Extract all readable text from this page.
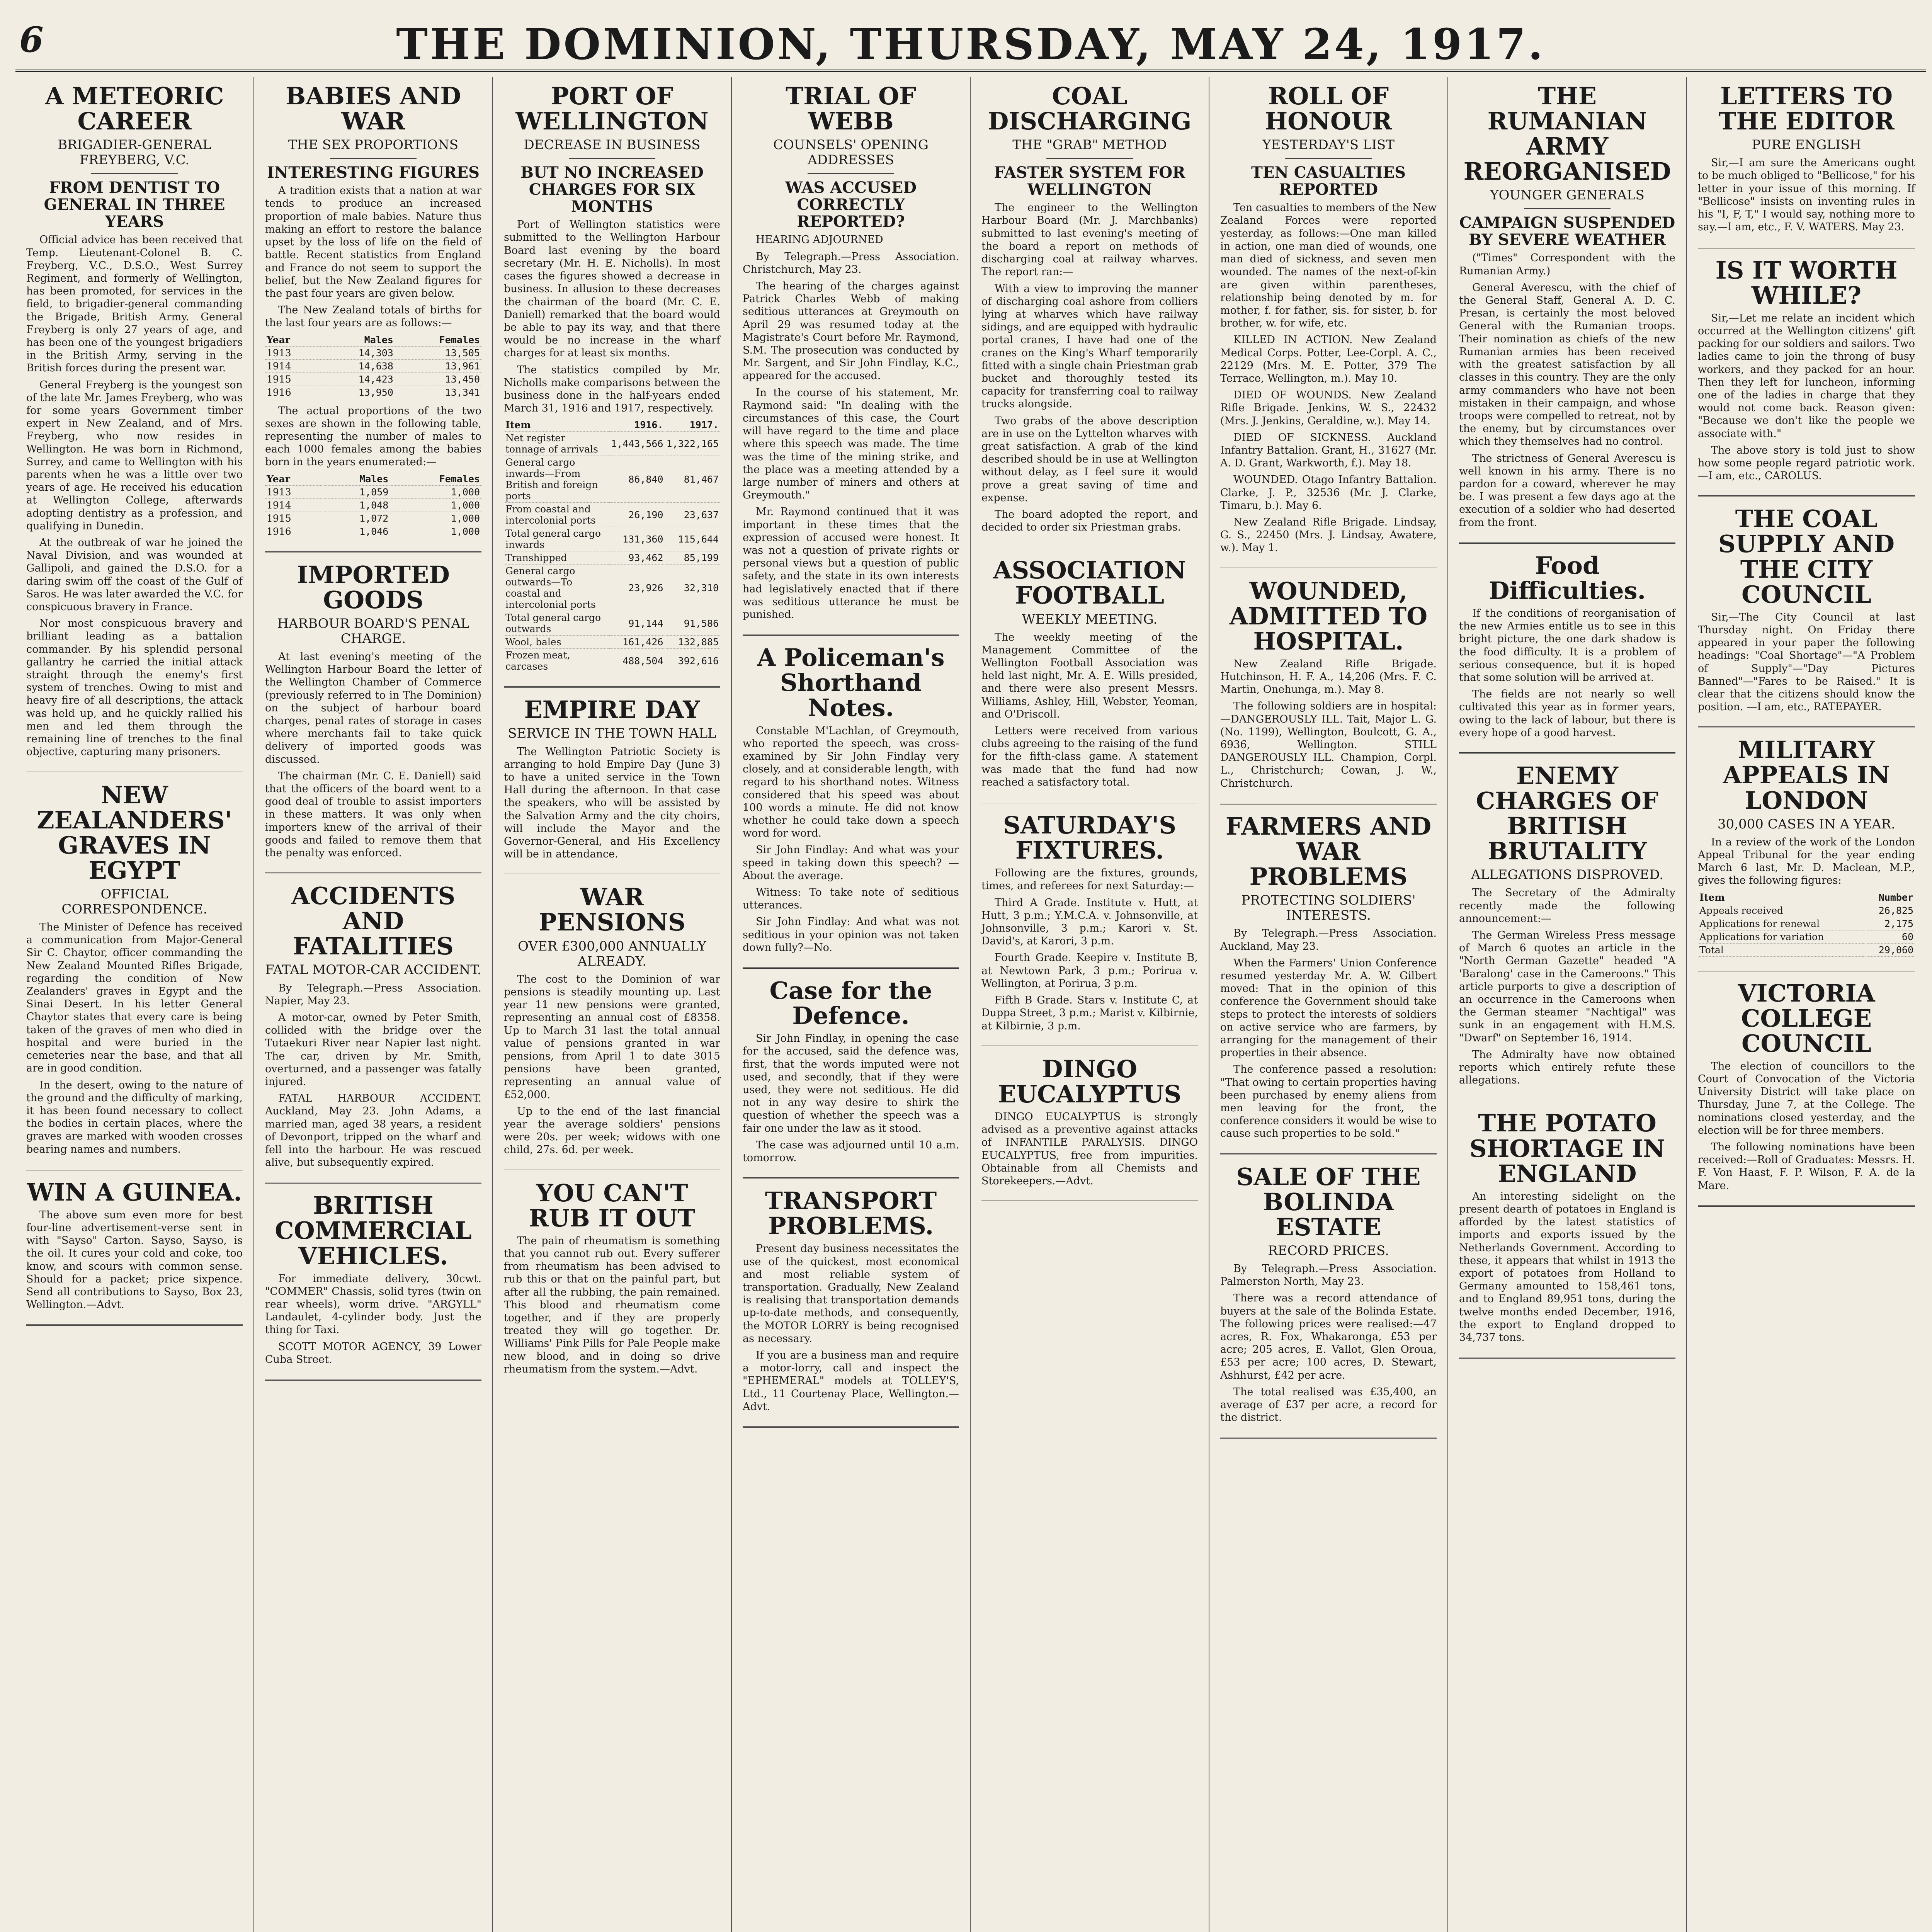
6	THE DOMINION, THURSDAY, MAY 24, 1917.
A METEORIC CAREER
BRIGADIER-GENERAL FREYBERG, V.C.
FROM DENTIST TO GENERAL IN THREE YEARS

Official advice has been received that Temp. Lieutenant-Colonel B. C. Freyberg, V.C., D.S.O., West Surrey Regiment, and formerly of Wellington, has been promoted, for services in the field, to brigadier-general commanding the Brigade, British Army. General Freyberg is only 27 years of age, and has been one of the youngest brigadiers in the British Army, serving in the British forces during the present war.

General Freyberg is the youngest son of the late Mr. James Freyberg, who was for some years Government timber expert in New Zealand, and of Mrs. Freyberg, who now resides in Wellington. He was born in Richmond, Surrey, and came to Wellington with his parents when he was a little over two years of age. He received his education at Wellington College, afterwards adopting dentistry as a profession, and qualifying in Dunedin.

At the outbreak of war he joined the Naval Division, and was wounded at Gallipoli, and gained the D.S.O. for a daring swim off the coast of the Gulf of Saros. He was later awarded the V.C. for conspicuous bravery in France.

Nor most conspicuous bravery and brilliant leading as a battalion commander. By his splendid personal gallantry he carried the initial attack straight through the enemy's first system of trenches. Owing to mist and heavy fire of all descriptions, the attack was held up, and he quickly rallied his men and led them through the remaining line of trenches to the final objective, capturing many prisoners.

NEW ZEALANDERS' GRAVES IN EGYPT
OFFICIAL CORRESPONDENCE.

The Minister of Defence has received a communication from Major-General Sir C. Chaytor, officer commanding the New Zealand Mounted Rifles Brigade, regarding the condition of New Zealanders' graves in Egypt and the Sinai Desert. In his letter General Chaytor states that every care is being taken of the graves of men who died in hospital and were buried in the cemeteries near the base, and that all are in good condition.

In the desert, owing to the nature of the ground and the difficulty of marking, it has been found necessary to collect the bodies in certain places, where the graves are marked with wooden crosses bearing names and numbers.

WIN A GUINEA.

The above sum even more for best four-line advertisement-verse sent in with "Sayso" Carton. Sayso, Sayso, is the oil. It cures your cold and coke, too know, and scours with common sense. Should for a packet; price sixpence. Send all contributions to Sayso, Box 23, Wellington.—Advt.

BABIES AND WAR
THE SEX PROPORTIONS
INTERESTING FIGURES

A tradition exists that a nation at war tends to produce an increased proportion of male babies. Nature thus making an effort to restore the balance upset by the loss of life on the field of battle. Recent statistics from England and France do not seem to support the belief, but the New Zealand figures for the past four years are given below.

The New Zealand totals of births for the last four years are as follows:—

Year	Males	Females
1913	14,303	13,505
1914	14,638	13,961
1915	14,423	13,450
1916	13,950	13,341

The actual proportions of the two sexes are shown in the following table, representing the number of males to each 1000 females among the babies born in the years enumerated:—

Year	Males	Females
1913	1,059	1,000
1914	1,048	1,000
1915	1,072	1,000
1916	1,046	1,000
IMPORTED GOODS
HARBOUR BOARD'S PENAL CHARGE.

At last evening's meeting of the Wellington Harbour Board the letter of the Wellington Chamber of Commerce (previously referred to in The Dominion) on the subject of harbour board charges, penal rates of storage in cases where merchants fail to take quick delivery of imported goods was discussed.

The chairman (Mr. C. E. Daniell) said that the officers of the board went to a good deal of trouble to assist importers in these matters. It was only when importers knew of the arrival of their goods and failed to remove them that the penalty was enforced.

ACCIDENTS AND FATALITIES
FATAL MOTOR-CAR ACCIDENT.

By Telegraph.—Press Association. Napier, May 23.

A motor-car, owned by Peter Smith, collided with the bridge over the Tutaekuri River near Napier last night. The car, driven by Mr. Smith, overturned, and a passenger was fatally injured.

FATAL HARBOUR ACCIDENT. Auckland, May 23. John Adams, a married man, aged 38 years, a resident of Devonport, tripped on the wharf and fell into the harbour. He was rescued alive, but subsequently expired.

BRITISH COMMERCIAL VEHICLES.

For immediate delivery, 30cwt. "COMMER" Chassis, solid tyres (twin on rear wheels), worm drive. "ARGYLL" Landaulet, 4-cylinder body. Just the thing for Taxi.

SCOTT MOTOR AGENCY, 39 Lower Cuba Street.

PORT OF WELLINGTON
DECREASE IN BUSINESS
BUT NO INCREASED CHARGES FOR SIX MONTHS

Port of Wellington statistics were submitted to the Wellington Harbour Board last evening by the board secretary (Mr. H. E. Nicholls). In most cases the figures showed a decrease in business. In allusion to these decreases the chairman of the board (Mr. C. E. Daniell) remarked that the board would be able to pay its way, and that there would be no increase in the wharf charges for at least six months.

The statistics compiled by Mr. Nicholls make comparisons between the business done in the half-years ended March 31, 1916 and 1917, respectively.

Item	1916.	1917.
Net register tonnage of arrivals	1,443,566	1,322,165
General cargo inwards—From British and foreign ports	86,840	81,467
From coastal and intercolonial ports	26,190	23,637
Total general cargo inwards	131,360	115,644
Transhipped	93,462	85,199
General cargo outwards—To coastal and intercolonial ports	23,926	32,310
Total general cargo outwards	91,144	91,586
Wool, bales	161,426	132,885
Frozen meat, carcases	488,504	392,616
EMPIRE DAY
SERVICE IN THE TOWN HALL

The Wellington Patriotic Society is arranging to hold Empire Day (June 3) to have a united service in the Town Hall during the afternoon. In that case the speakers, who will be assisted by the Salvation Army and the city choirs, will include the Mayor and the Governor-General, and His Excellency will be in attendance.

WAR PENSIONS
OVER £300,000 ANNUALLY ALREADY.

The cost to the Dominion of war pensions is steadily mounting up. Last year 11 new pensions were granted, representing an annual cost of £8358. Up to March 31 last the total annual value of pensions granted in war pensions, from April 1 to date 3015 pensions have been granted, representing an annual value of £52,000.

Up to the end of the last financial year the average soldiers' pensions were 20s. per week; widows with one child, 27s. 6d. per week.

YOU CAN'T RUB IT OUT

The pain of rheumatism is something that you cannot rub out. Every sufferer from rheumatism has been advised to rub this or that on the painful part, but after all the rubbing, the pain remained. This blood and rheumatism come together, and if they are properly treated they will go together. Dr. Williams' Pink Pills for Pale People make new blood, and in doing so drive rheumatism from the system.—Advt.

TRIAL OF WEBB
COUNSELS' OPENING ADDRESSES
WAS ACCUSED CORRECTLY REPORTED?

HEARING ADJOURNED

By Telegraph.—Press Association. Christchurch, May 23.

The hearing of the charges against Patrick Charles Webb of making seditious utterances at Greymouth on April 29 was resumed today at the Magistrate's Court before Mr. Raymond, S.M. The prosecution was conducted by Mr. Sargent, and Sir John Findlay, K.C., appeared for the accused.

In the course of his statement, Mr. Raymond said: "In dealing with the circumstances of this case, the Court will have regard to the time and place where this speech was made. The time was the time of the mining strike, and the place was a meeting attended by a large number of miners and others at Greymouth."

Mr. Raymond continued that it was important in these times that the expression of accused were honest. It was not a question of private rights or personal views but a question of public safety, and the state in its own interests had legislatively enacted that if there was seditious utterance he must be punished.

A Policeman's Shorthand Notes.

Constable M'Lachlan, of Greymouth, who reported the speech, was cross-examined by Sir John Findlay very closely, and at considerable length, with regard to his shorthand notes. Witness considered that his speed was about 100 words a minute. He did not know whether he could take down a speech word for word.

Sir John Findlay: And what was your speed in taking down this speech? — About the average.

Witness: To take note of seditious utterances.

Sir John Findlay: And what was not seditious in your opinion was not taken down fully?—No.

Case for the Defence.

Sir John Findlay, in opening the case for the accused, said the defence was, first, that the words imputed were not used, and secondly, that if they were used, they were not seditious. He did not in any way desire to shirk the question of whether the speech was a fair one under the law as it stood.

The case was adjourned until 10 a.m. tomorrow.

TRANSPORT PROBLEMS.

Present day business necessitates the use of the quickest, most economical and most reliable system of transportation. Gradually, New Zealand is realising that transportation demands up-to-date methods, and consequently, the MOTOR LORRY is being recognised as necessary.

If you are a business man and require a motor-lorry, call and inspect the "EPHEMERAL" models at TOLLEY'S, Ltd., 11 Courtenay Place, Wellington.—Advt.

COAL DISCHARGING
THE "GRAB" METHOD
FASTER SYSTEM FOR WELLINGTON

The engineer to the Wellington Harbour Board (Mr. J. Marchbanks) submitted to last evening's meeting of the board a report on methods of discharging coal at railway wharves. The report ran:—

With a view to improving the manner of discharging coal ashore from colliers lying at wharves which have railway sidings, and are equipped with hydraulic portal cranes, I have had one of the cranes on the King's Wharf temporarily fitted with a single chain Priestman grab bucket and thoroughly tested its capacity for transferring coal to railway trucks alongside.

Two grabs of the above description are in use on the Lyttelton wharves with great satisfaction. A grab of the kind described should be in use at Wellington without delay, as I feel sure it would prove a great saving of time and expense.

The board adopted the report, and decided to order six Priestman grabs.

ASSOCIATION FOOTBALL
WEEKLY MEETING.

The weekly meeting of the Management Committee of the Wellington Football Association was held last night, Mr. A. E. Wills presided, and there were also present Messrs. Williams, Ashley, Hill, Webster, Yeoman, and O'Driscoll.

Letters were received from various clubs agreeing to the raising of the fund for the fifth-class game. A statement was made that the fund had now reached a satisfactory total.

SATURDAY'S FIXTURES.

Following are the fixtures, grounds, times, and referees for next Saturday:—

Third A Grade. Institute v. Hutt, at Hutt, 3 p.m.; Y.M.C.A. v. Johnsonville, at Johnsonville, 3 p.m.; Karori v. St. David's, at Karori, 3 p.m.

Fourth Grade. Keepire v. Institute B, at Newtown Park, 3 p.m.; Porirua v. Wellington, at Porirua, 3 p.m.

Fifth B Grade. Stars v. Institute C, at Duppa Street, 3 p.m.; Marist v. Kilbirnie, at Kilbirnie, 3 p.m.

DINGO EUCALYPTUS

DINGO EUCALYPTUS is strongly advised as a preventive against attacks of INFANTILE PARALYSIS. DINGO EUCALYPTUS, free from impurities. Obtainable from all Chemists and Storekeepers.—Advt.

ROLL OF HONOUR
YESTERDAY'S LIST
TEN CASUALTIES REPORTED

Ten casualties to members of the New Zealand Forces were reported yesterday, as follows:—One man killed in action, one man died of wounds, one man died of sickness, and seven men wounded. The names of the next-of-kin are given within parentheses, relationship being denoted by m. for mother, f. for father, sis. for sister, b. for brother, w. for wife, etc.

KILLED IN ACTION. New Zealand Medical Corps. Potter, Lee-Corpl. A. C., 22129 (Mrs. M. E. Potter, 379 The Terrace, Wellington, m.). May 10.

DIED OF WOUNDS. New Zealand Rifle Brigade. Jenkins, W. S., 22432 (Mrs. J. Jenkins, Geraldine, w.). May 14.

DIED OF SICKNESS. Auckland Infantry Battalion. Grant, H., 31627 (Mr. A. D. Grant, Warkworth, f.). May 18.

WOUNDED. Otago Infantry Battalion. Clarke, J. P., 32536 (Mr. J. Clarke, Timaru, b.). May 6.

New Zealand Rifle Brigade. Lindsay, G. S., 22450 (Mrs. J. Lindsay, Awatere, w.). May 1.

WOUNDED, ADMITTED TO HOSPITAL.

New Zealand Rifle Brigade. Hutchinson, H. F. A., 14,206 (Mrs. F. C. Martin, Onehunga, m.). May 8.

The following soldiers are in hospital:—DANGEROUSLY ILL. Tait, Major L. G. (No. 1199), Wellington, Boulcott, G. A., 6936, Wellington. STILL DANGEROUSLY ILL. Champion, Corpl. L., Christchurch; Cowan, J. W., Christchurch.

FARMERS AND WAR PROBLEMS
PROTECTING SOLDIERS' INTERESTS.

By Telegraph.—Press Association. Auckland, May 23.

When the Farmers' Union Conference resumed yesterday Mr. A. W. Gilbert moved: That in the opinion of this conference the Government should take steps to protect the interests of soldiers on active service who are farmers, by arranging for the management of their properties in their absence.

The conference passed a resolution: "That owing to certain properties having been purchased by enemy aliens from men leaving for the front, the conference considers it would be wise to cause such properties to be sold."

SALE OF THE BOLINDA ESTATE
RECORD PRICES.

By Telegraph.—Press Association. Palmerston North, May 23.

There was a record attendance of buyers at the sale of the Bolinda Estate. The following prices were realised:—47 acres, R. Fox, Whakaronga, £53 per acre; 205 acres, E. Vallot, Glen Oroua, £53 per acre; 100 acres, D. Stewart, Ashhurst, £42 per acre.

The total realised was £35,400, an average of £37 per acre, a record for the district.

THE RUMANIAN ARMY REORGANISED
YOUNGER GENERALS
CAMPAIGN SUSPENDED BY SEVERE WEATHER

("Times" Correspondent with the Rumanian Army.)

General Averescu, with the chief of the General Staff, General A. D. C. Presan, is certainly the most beloved General with the Rumanian troops. Their nomination as chiefs of the new Rumanian armies has been received with the greatest satisfaction by all classes in this country. They are the only army commanders who have not been mistaken in their campaign, and whose troops were compelled to retreat, not by the enemy, but by circumstances over which they themselves had no control.

The strictness of General Averescu is well known in his army. There is no pardon for a coward, wherever he may be. I was present a few days ago at the execution of a soldier who had deserted from the front.

Food Difficulties.

If the conditions of reorganisation of the new Armies entitle us to see in this bright picture, the one dark shadow is the food difficulty. It is a problem of serious consequence, but it is hoped that some solution will be arrived at.

The fields are not nearly so well cultivated this year as in former years, owing to the lack of labour, but there is every hope of a good harvest.

ENEMY CHARGES OF BRITISH BRUTALITY
ALLEGATIONS DISPROVED.

The Secretary of the Admiralty recently made the following announcement:—

The German Wireless Press message of March 6 quotes an article in the "North German Gazette" headed "A 'Baralong' case in the Cameroons." This article purports to give a description of an occurrence in the Cameroons when the German steamer "Nachtigal" was sunk in an engagement with H.M.S. "Dwarf" on September 16, 1914.

The Admiralty have now obtained reports which entirely refute these allegations.

THE POTATO SHORTAGE IN ENGLAND

An interesting sidelight on the present dearth of potatoes in England is afforded by the latest statistics of imports and exports issued by the Netherlands Government. According to these, it appears that whilst in 1913 the export of potatoes from Holland to Germany amounted to 158,461 tons, and to England 89,951 tons, during the twelve months ended December, 1916, the export to England dropped to 34,737 tons.

LETTERS TO THE EDITOR
PURE ENGLISH

Sir,—I am sure the Americans ought to be much obliged to "Bellicose," for his letter in your issue of this morning. If "Bellicose" insists on inventing rules in his "I, F, T," I would say, nothing more to say.—I am, etc., F. V. WATERS. May 23.

IS IT WORTH WHILE?

Sir,—Let me relate an incident which occurred at the Wellington citizens' gift packing for our soldiers and sailors. Two ladies came to join the throng of busy workers, and they packed for an hour. Then they left for luncheon, informing one of the ladies in charge that they would not come back. Reason given: "Because we don't like the people we associate with."

The above story is told just to show how some people regard patriotic work. —I am, etc., CAROLUS.

THE COAL SUPPLY AND THE CITY COUNCIL

Sir,—The City Council at last Thursday night. On Friday there appeared in your paper the following headings: "Coal Shortage"—"A Problem of Supply"—"Day Pictures Banned"—"Fares to be Raised." It is clear that the citizens should know the position. —I am, etc., RATEPAYER.

MILITARY APPEALS IN LONDON
30,000 CASES IN A YEAR.

In a review of the work of the London Appeal Tribunal for the year ending March 6 last, Mr. D. Maclean, M.P., gives the following figures:

Item		Number
Appeals received		26,825
Applications for renewal		2,175
Applications for variation		60
Total		29,060
VICTORIA COLLEGE COUNCIL

The election of councillors to the Court of Convocation of the Victoria University District will take place on Thursday, June 7, at the College. The nominations closed yesterday, and the election will be for three members.

The following nominations have been received:—Roll of Graduates: Messrs. H. F. Von Haast, F. P. Wilson, F. A. de la Mare.
